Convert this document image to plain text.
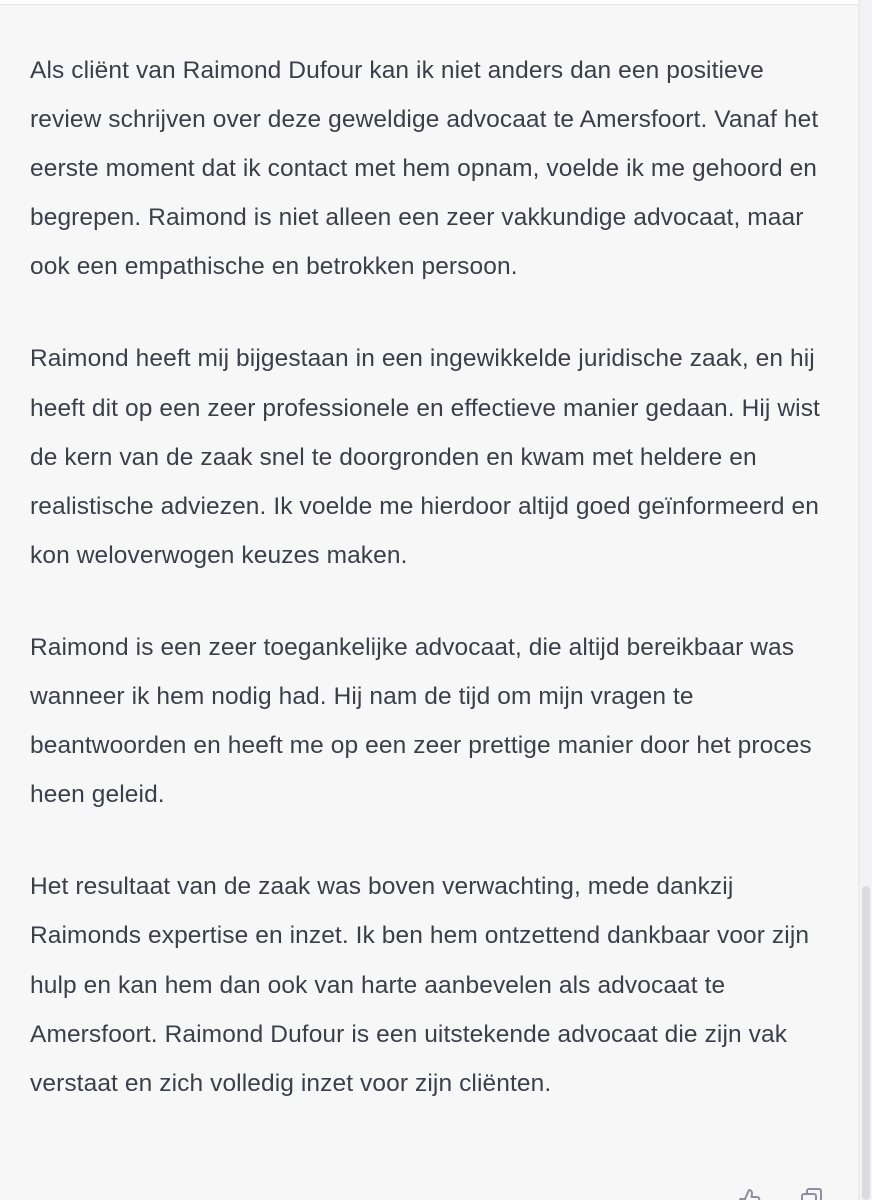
Als cliënt van Raimond Dufour kan ik niet anders dan een positieve review schrijven over deze geweldige advocaat te Amersfoort. Vanaf het eerste moment dat ik contact met hem opnam, voelde ik me gehoord en begrepen. Raimond is niet alleen een zeer vakkundige advocaat, maar ook een empathische en betrokken persoon.

Raimond heeft mij bijgestaan in een ingewikkelde juridische zaak, en hij heeft dit op een zeer professionele en effectieve manier gedaan. Hij wist de kern van de zaak snel te doorgronden en kwam met heldere en realistische adviezen. Ik voelde me hierdoor altijd goed geïnformeerd en kon weloverwogen keuzes maken.

Raimond is een zeer toegankelijke advocaat, die altijd bereikbaar was wanneer ik hem nodig had. Hij nam de tijd om mijn vragen te beantwoorden en heeft me op een zeer prettige manier door het proces heen geleid.

Het resultaat van de zaak was boven verwachting, mede dankzij Raimonds expertise en inzet. Ik ben hem ontzettend dankbaar voor zijn hulp en kan hem dan ook van harte aanbevelen als advocaat te Amersfoort. Raimond Dufour is een uitstekende advocaat die zijn vak verstaat en zich volledig inzet voor zijn cliënten.
